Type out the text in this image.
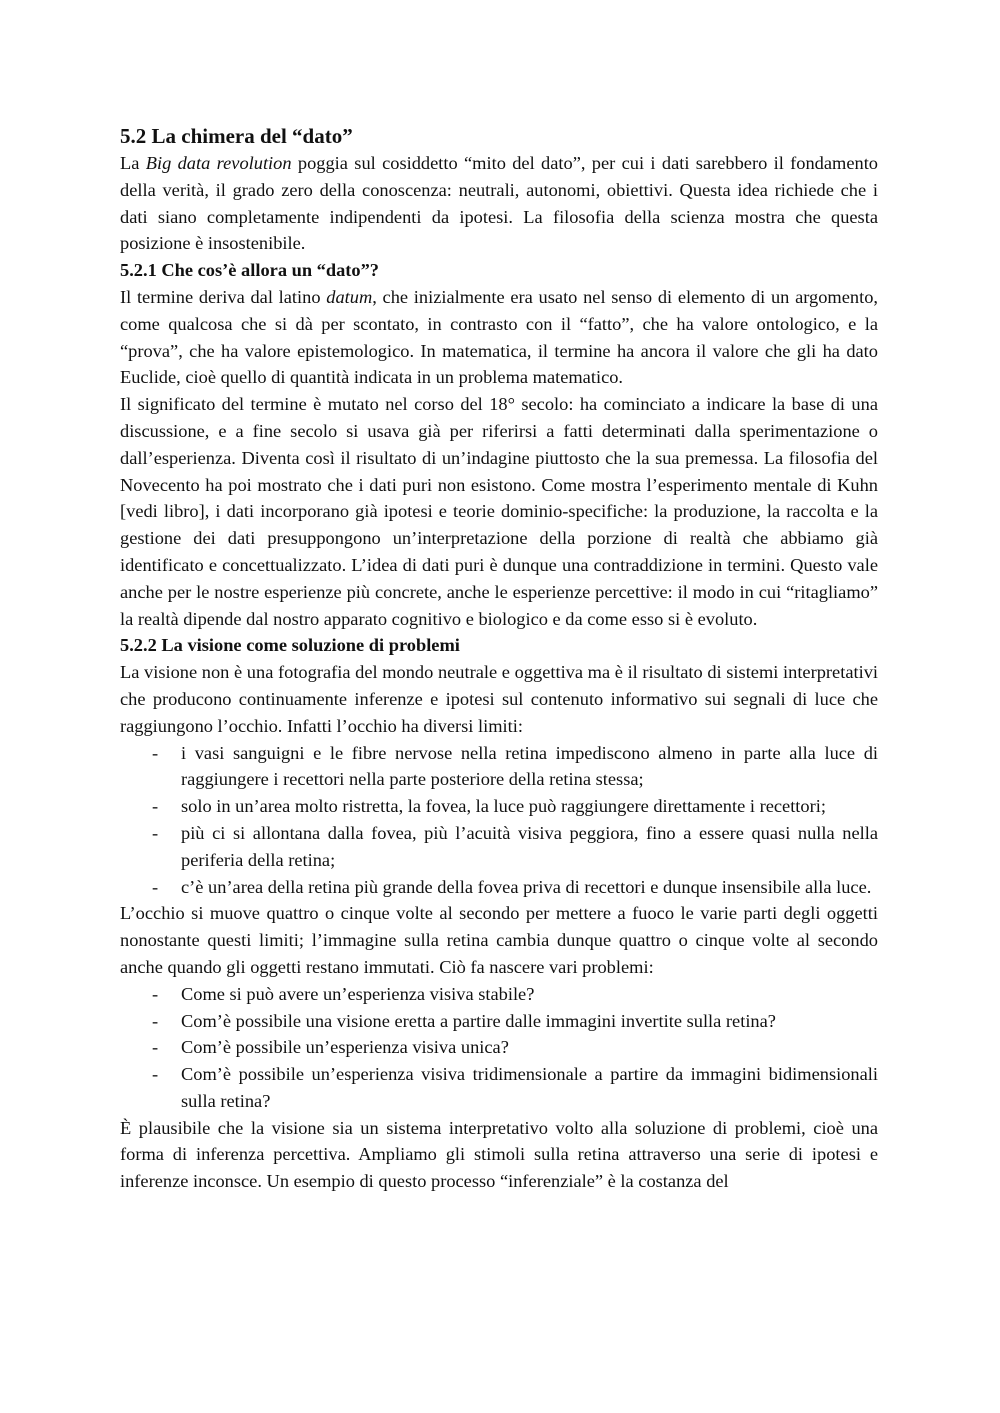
5.2 La chimera del “dato”

La Big data revolution poggia sul cosiddetto “mito del dato”, per cui i dati sarebbero il fondamento della verità, il grado zero della conoscenza: neutrali, autonomi, obiettivi. Questa idea richiede che i dati siano completamente indipendenti da ipotesi. La filosofia della scienza mostra che questa posizione è insostenibile.

5.2.1 Che cos’è allora un “dato”?

Il termine deriva dal latino datum, che inizialmente era usato nel senso di elemento di un argomento, come qualcosa che si dà per scontato, in contrasto con il “fatto”, che ha valore ontologico, e la “prova”, che ha valore epistemologico. In matematica, il termine ha ancora il valore che gli ha dato Euclide, cioè quello di quantità indicata in un problema matematico.

Il significato del termine è mutato nel corso del 18° secolo: ha cominciato a indicare la base di una discussione, e a fine secolo si usava già per riferirsi a fatti determinati dalla sperimentazione o dall’esperienza. Diventa così il risultato di un’indagine piuttosto che la sua premessa. La filosofia del Novecento ha poi mostrato che i dati puri non esistono. Come mostra l’esperimento mentale di Kuhn [vedi libro], i dati incorporano già ipotesi e teorie dominio-specifiche: la produzione, la raccolta e la gestione dei dati presuppongono un’interpretazione della porzione di realtà che abbiamo già identificato e concettualizzato. L’idea di dati puri è dunque una contraddizione in termini. Questo vale anche per le nostre esperienze più concrete, anche le esperienze percettive: il modo in cui “ritagliamo” la realtà dipende dal nostro apparato cognitivo e biologico e da come esso si è evoluto.

5.2.2 La visione come soluzione di problemi

La visione non è una fotografia del mondo neutrale e oggettiva ma è il risultato di sistemi interpretativi che producono continuamente inferenze e ipotesi sul contenuto informativo sui segnali di luce che raggiungono l’occhio. Infatti l’occhio ha diversi limiti:

- i vasi sanguigni e le fibre nervose nella retina impediscono almeno in parte alla luce di raggiungere i recettori nella parte posteriore della retina stessa;
- solo in un’area molto ristretta, la fovea, la luce può raggiungere direttamente i recettori;
- più ci si allontana dalla fovea, più l’acuità visiva peggiora, fino a essere quasi nulla nella periferia della retina;
- c’è un’area della retina più grande della fovea priva di recettori e dunque insensibile alla luce.

L’occhio si muove quattro o cinque volte al secondo per mettere a fuoco le varie parti degli oggetti nonostante questi limiti; l’immagine sulla retina cambia dunque quattro o cinque volte al secondo anche quando gli oggetti restano immutati. Ciò fa nascere vari problemi:

- Come si può avere un’esperienza visiva stabile?
- Com’è possibile una visione eretta a partire dalle immagini invertite sulla retina?
- Com’è possibile un’esperienza visiva unica?
- Com’è possibile un’esperienza visiva tridimensionale a partire da immagini bidimensionali sulla retina?

È plausibile che la visione sia un sistema interpretativo volto alla soluzione di problemi, cioè una forma di inferenza percettiva. Ampliamo gli stimoli sulla retina attraverso una serie di ipotesi e inferenze inconsce. Un esempio di questo processo “inferenziale” è la costanza del
